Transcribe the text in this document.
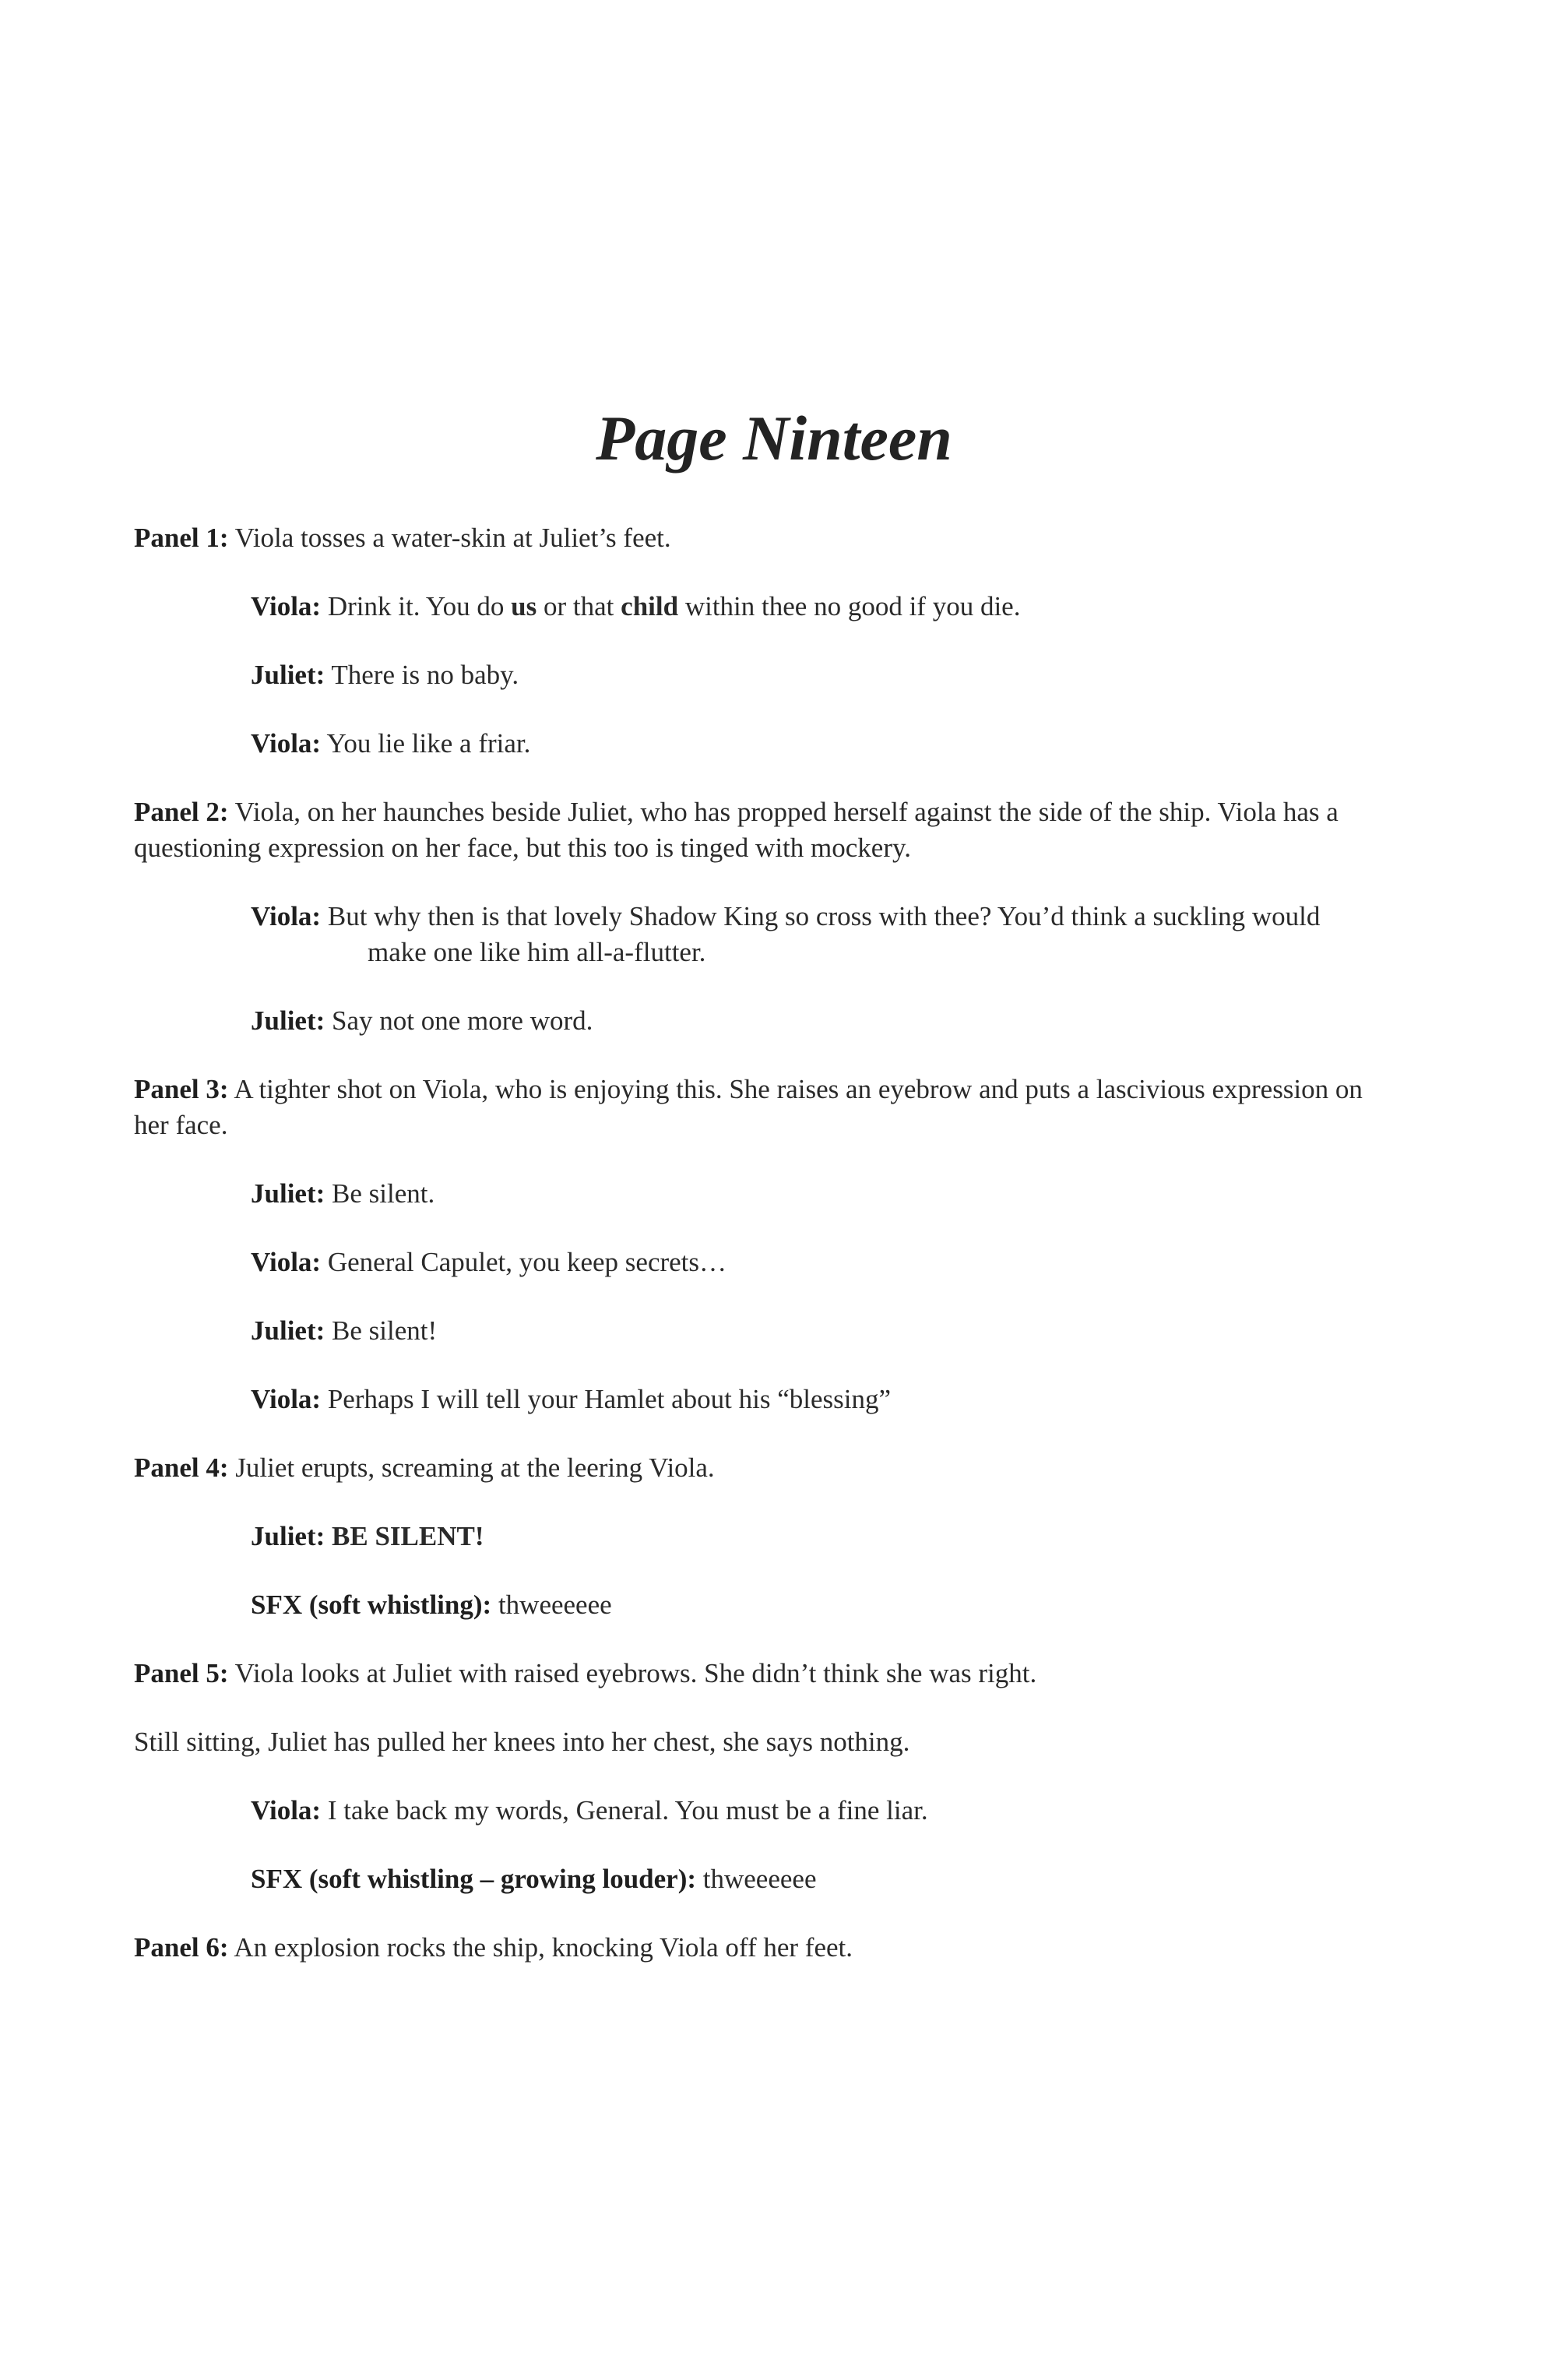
Page Ninteen

Panel 1: Viola tosses a water-skin at Juliet’s feet.

Viola: Drink it. You do us or that child within thee no good if you die.

Juliet: There is no baby.

Viola: You lie like a friar.

Panel 2: Viola, on her haunches beside Juliet, who has propped herself against the side of the ship. Viola has a questioning expression on her face, but this too is tinged with mockery.

Viola: But why then is that lovely Shadow King so cross with thee? You’d think a suckling would make one like him all-a-flutter.

Juliet: Say not one more word.

Panel 3: A tighter shot on Viola, who is enjoying this. She raises an eyebrow and puts a lascivious expression on her face.

Juliet: Be silent.

Viola: General Capulet, you keep secrets…

Juliet: Be silent!

Viola: Perhaps I will tell your Hamlet about his “blessing”

Panel 4: Juliet erupts, screaming at the leering Viola.

Juliet: BE SILENT!

SFX (soft whistling): thweeeeee

Panel 5: Viola looks at Juliet with raised eyebrows. She didn’t think she was right.

Still sitting, Juliet has pulled her knees into her chest, she says nothing.

Viola: I take back my words, General. You must be a fine liar.

SFX (soft whistling – growing louder): thweeeeee

Panel 6: An explosion rocks the ship, knocking Viola off her feet.
